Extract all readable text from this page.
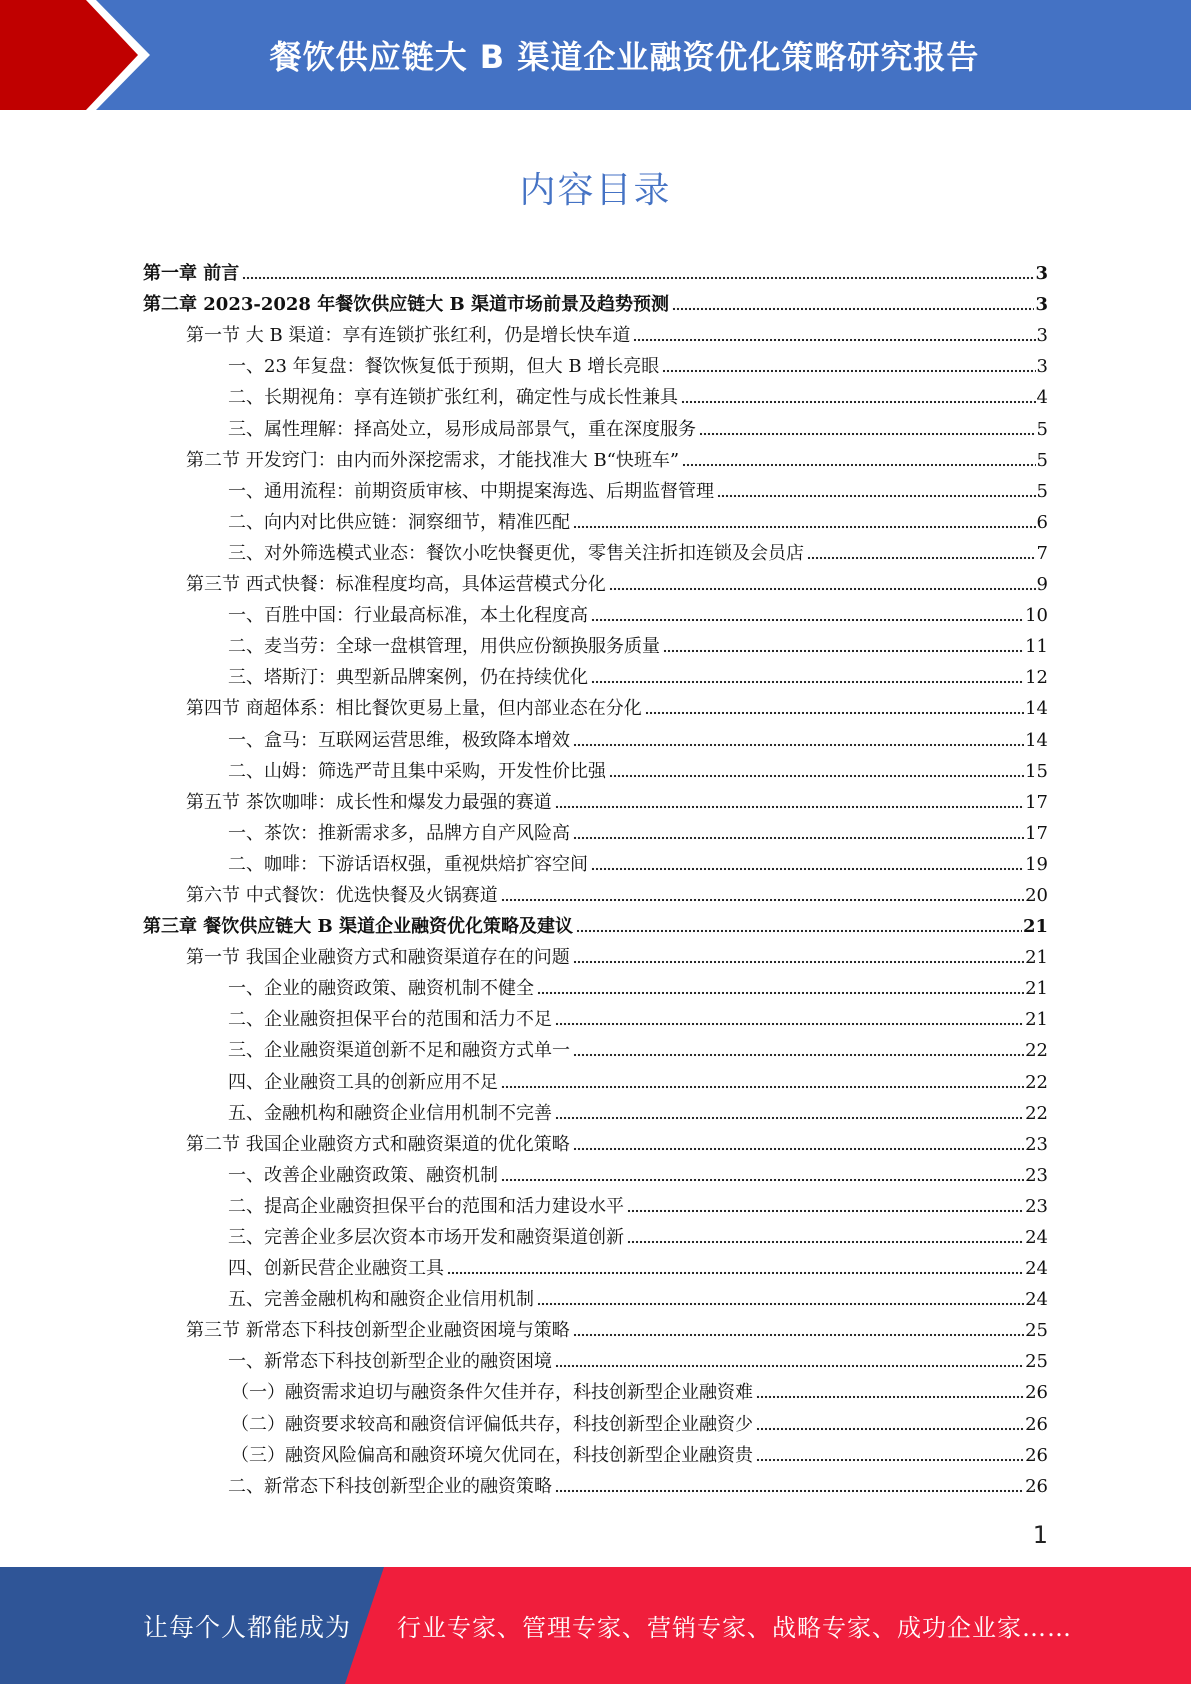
餐饮供应链大 B 渠道企业融资优化策略研究报告
内容目录
第一章 前言	3
第二章 2023-2028 年餐饮供应链大 B 渠道市场前景及趋势预测	3
第一节 大 B 渠道：享有连锁扩张红利，仍是增长快车道	3
一、23 年复盘：餐饮恢复低于预期，但大 B 增长亮眼	3
二、长期视角：享有连锁扩张红利，确定性与成长性兼具	4
三、属性理解：择高处立，易形成局部景气，重在深度服务	5
第二节 开发窍门：由内而外深挖需求，才能找准大 B“快班车”	5
一、通用流程：前期资质审核、中期提案海选、后期监督管理	5
二、向内对比供应链：洞察细节，精准匹配	6
三、对外筛选模式业态：餐饮小吃快餐更优，零售关注折扣连锁及会员店	7
第三节 西式快餐：标准程度均高，具体运营模式分化	9
一、百胜中国：行业最高标准，本土化程度高	10
二、麦当劳：全球一盘棋管理，用供应份额换服务质量	11
三、塔斯汀：典型新品牌案例，仍在持续优化	12
第四节 商超体系：相比餐饮更易上量，但内部业态在分化	14
一、盒马：互联网运营思维，极致降本增效	14
二、山姆：筛选严苛且集中采购，开发性价比强	15
第五节 茶饮咖啡：成长性和爆发力最强的赛道	17
一、茶饮：推新需求多，品牌方自产风险高	17
二、咖啡：下游话语权强，重视烘焙扩容空间	19
第六节 中式餐饮：优选快餐及火锅赛道	20
第三章 餐饮供应链大 B 渠道企业融资优化策略及建议	21
第一节 我国企业融资方式和融资渠道存在的问题	21
一、企业的融资政策、融资机制不健全	21
二、企业融资担保平台的范围和活力不足	21
三、企业融资渠道创新不足和融资方式单一	22
四、企业融资工具的创新应用不足	22
五、金融机构和融资企业信用机制不完善	22
第二节 我国企业融资方式和融资渠道的优化策略	23
一、改善企业融资政策、融资机制	23
二、提高企业融资担保平台的范围和活力建设水平	23
三、完善企业多层次资本市场开发和融资渠道创新	24
四、创新民营企业融资工具	24
五、完善金融机构和融资企业信用机制	24
第三节 新常态下科技创新型企业融资困境与策略	25
一、新常态下科技创新型企业的融资困境	25
（一）融资需求迫切与融资条件欠佳并存，科技创新型企业融资难	26
（二）融资要求较高和融资信评偏低共存，科技创新型企业融资少	26
（三）融资风险偏高和融资环境欠优同在，科技创新型企业融资贵	26
二、新常态下科技创新型企业的融资策略	26
1
让每个人都能成为 行业专家、管理专家、营销专家、战略专家、成功企业家……
